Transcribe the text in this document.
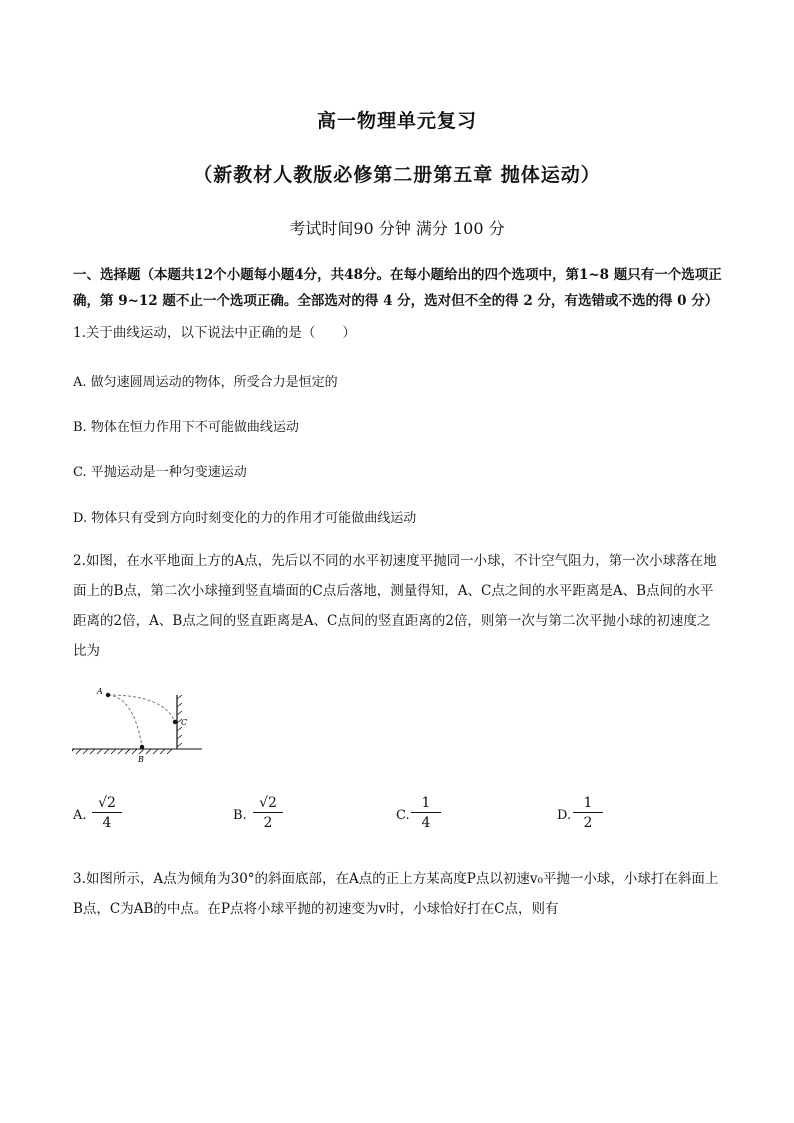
高一物理单元复习
（新教材人教版必修第二册第五章 抛体运动）
考试时间90 分钟 满分 100 分
一、选择题（本题共12个小题每小题4分，共48分。在每小题给出的四个选项中，第1~8 题只有一个选项正确，第 9~12 题不止一个选项正确。全部选对的得 4 分，选对但不全的得 2 分，有选错或不选的得 0 分）
1.关于曲线运动，以下说法中正确的是（　　）
A. 做匀速圆周运动的物体，所受合力是恒定的
B. 物体在恒力作用下不可能做曲线运动
C. 平抛运动是一种匀变速运动
D. 物体只有受到方向时刻变化的力的作用才可能做曲线运动
2.如图，在水平地面上方的A点，先后以不同的水平初速度平抛同一小球，不计空气阻力，第一次小球落在地面上的B点，第二次小球撞到竖直墙面的C点后落地，测量得知，A、C点之间的水平距离是A、B点间的水平距离的2倍，A、B点之间的竖直距离是A、C点间的竖直距离的2倍，则第一次与第二次平抛小球的初速度之比为
A
B
C
A. $\frac{√2}{4}$	B. $\frac{√2}{2}$	C. $\frac{1}{4}$	D. $\frac{1}{2}$
3.如图所示，A点为倾角为30°的斜面底部，在A点的正上方某高度P点以初速v₀平抛一小球，小球打在斜面上B点，C为AB的中点。在P点将小球平抛的初速变为v时，小球恰好打在C点，则有
